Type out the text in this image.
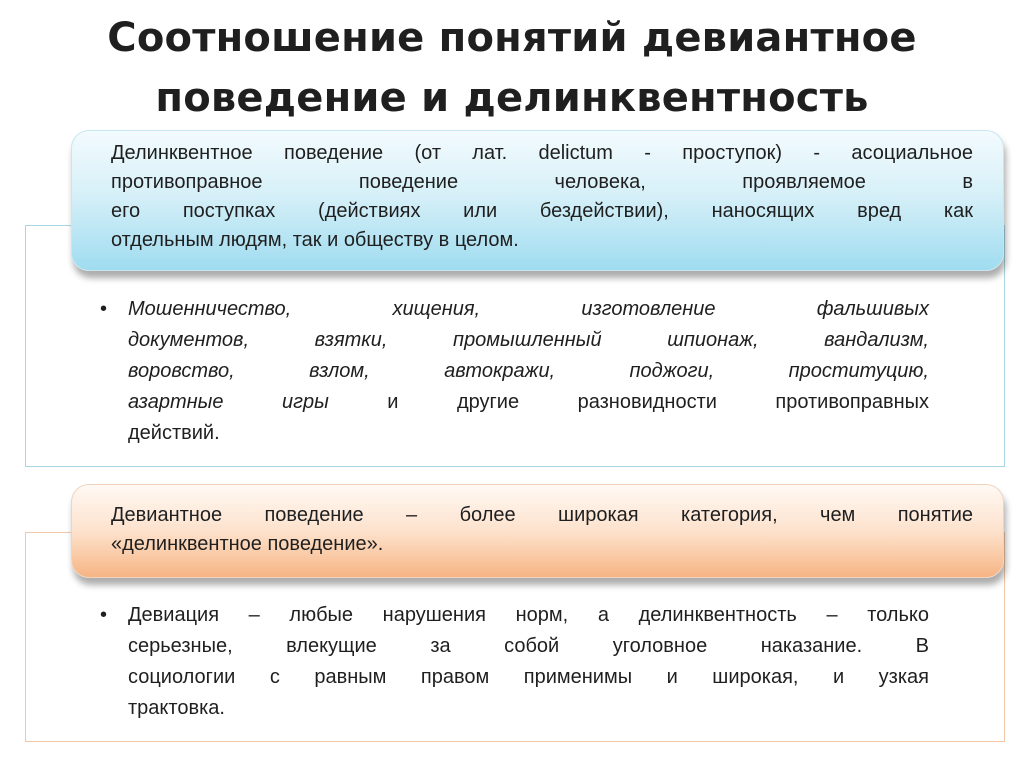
Соотношение понятий девиантное
поведение и делинквентность
Делинквентное поведение (от лат. delictum - проступок) - асоциальное
противоправное поведение человека, проявляемое в
его поступках (действиях или бездействии), наносящих вред как
отдельным людям, так и обществу в целом.
•	Мошенничество, хищения, изготовление фальшивых
документов, взятки, промышленный шпионаж, вандализм,
воровство, взлом, автокражи, поджоги, проституцию,
азартные игры и другие разновидности противоправных
действий.
Девиантное поведение – более широкая категория, чем понятие
«делинквентное поведение».
•	Девиация – любые нарушения норм, а делинквентность – только
серьезные, влекущие за собой уголовное наказание. В
социологии с равным правом применимы и широкая, и узкая
трактовка.
